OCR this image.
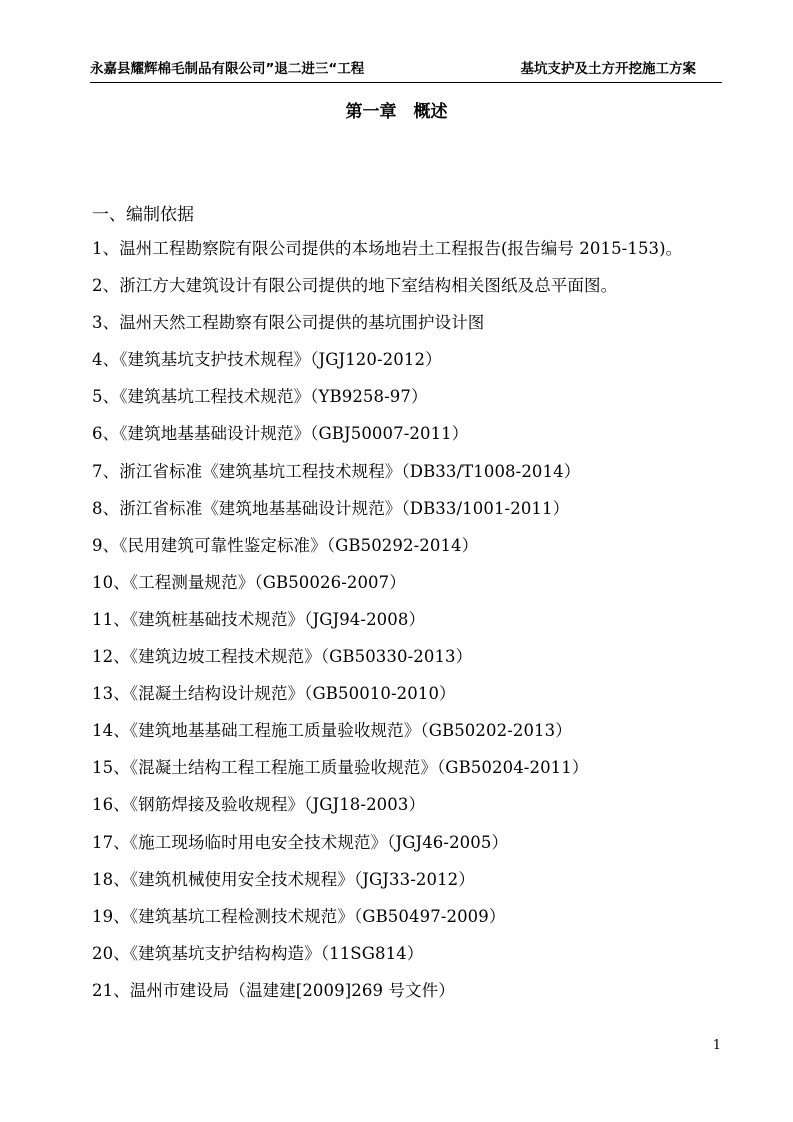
永嘉县耀辉棉毛制品有限公司”退二进三“工程	基坑支护及土方开挖施工方案
第一章　概述
一、编制依据
1、温州工程勘察院有限公司提供的本场地岩土工程报告(报告编号 2015-153)。
2、浙江方大建筑设计有限公司提供的地下室结构相关图纸及总平面图。
3、温州天然工程勘察有限公司提供的基坑围护设计图
4、《建筑基坑支护技术规程》（JGJ120-2012）
5、《建筑基坑工程技术规范》（YB9258-97）
6、《建筑地基基础设计规范》（GBJ50007-2011）
7、浙江省标准《建筑基坑工程技术规程》（DB33/T1008-2014）
8、浙江省标准《建筑地基基础设计规范》（DB33/1001-2011）
9、《民用建筑可靠性鉴定标准》（GB50292-2014）
10、《工程测量规范》（GB50026-2007）
11、《建筑桩基础技术规范》（JGJ94-2008）
12、《建筑边坡工程技术规范》（GB50330-2013）
13、《混凝土结构设计规范》（GB50010-2010）
14、《建筑地基基础工程施工质量验收规范》（GB50202-2013）
15、《混凝土结构工程工程施工质量验收规范》（GB50204-2011）
16、《钢筋焊接及验收规程》（JGJ18-2003）
17、《施工现场临时用电安全技术规范》（JGJ46-2005）
18、《建筑机械使用安全技术规程》（JGJ33-2012）
19、《建筑基坑工程检测技术规范》（GB50497-2009）
20、《建筑基坑支护结构构造》（11SG814）
21、温州市建设局（温建建[2009]269 号文件）
1
